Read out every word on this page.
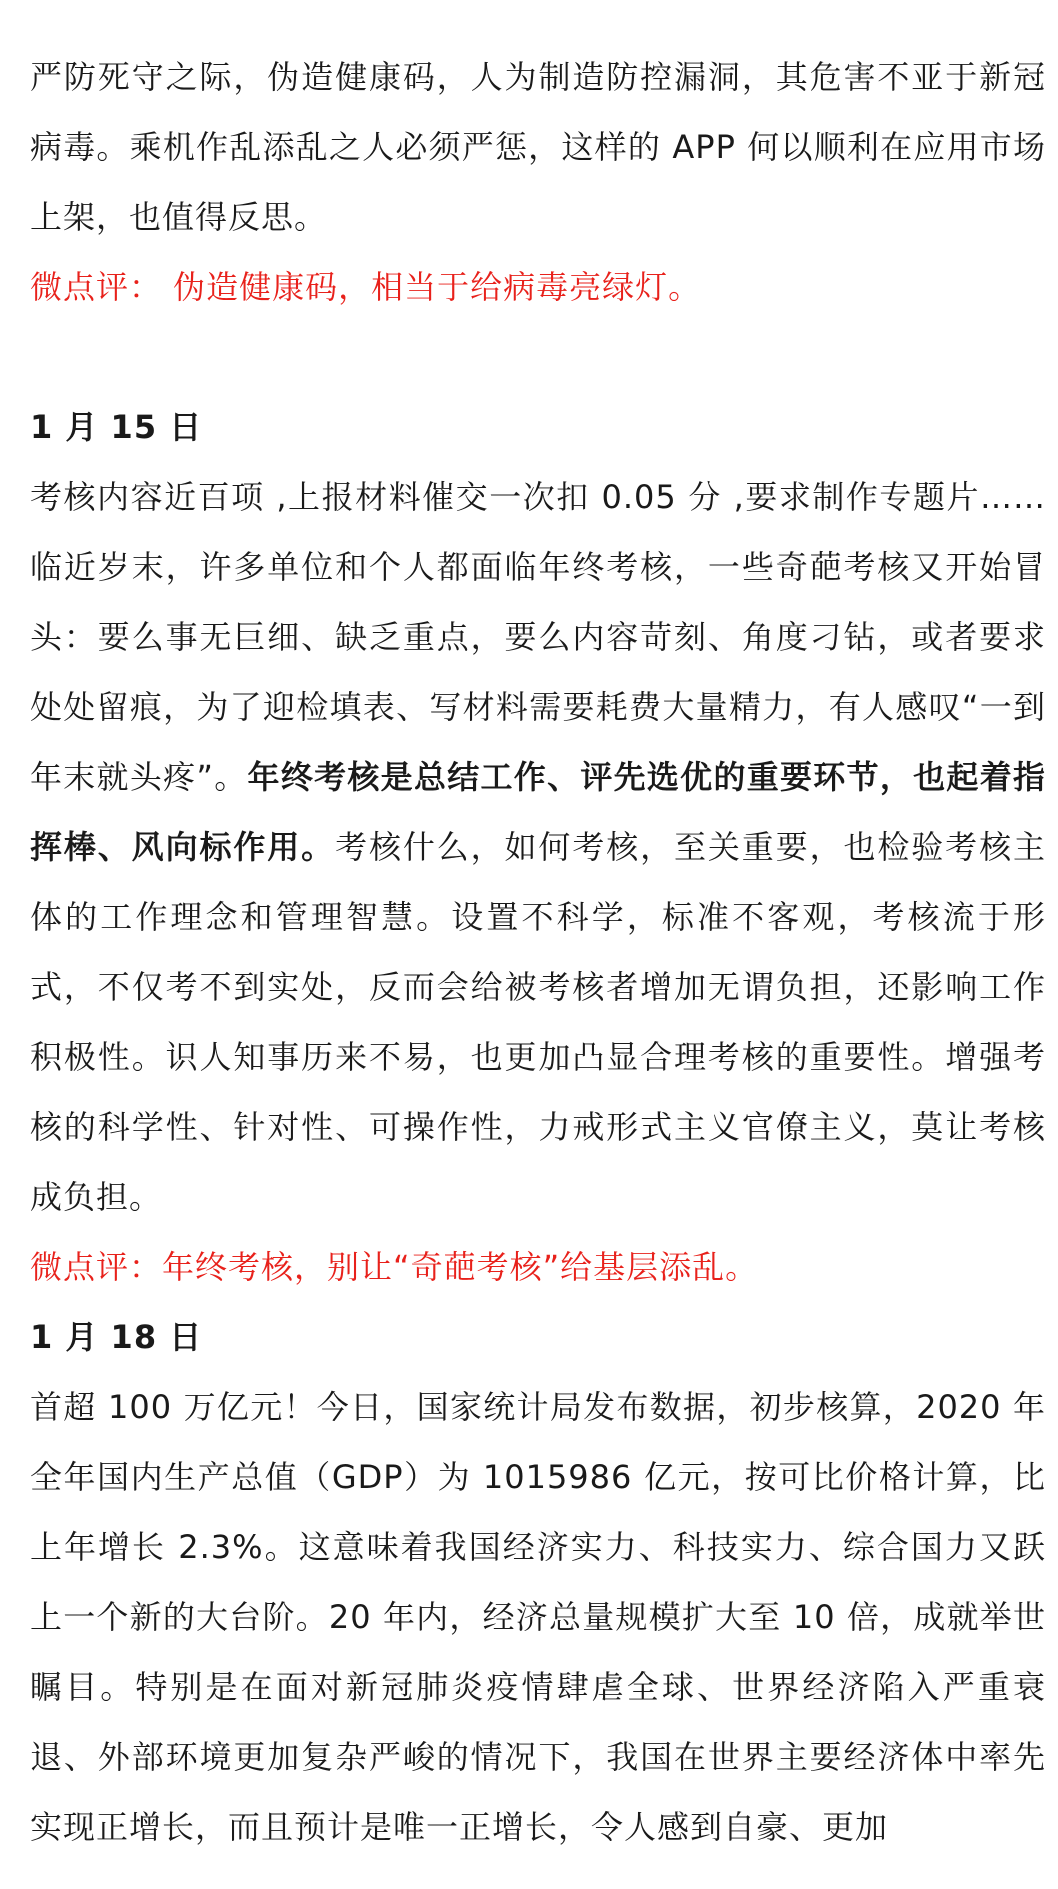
严防死守之际，伪造健康码，人为制造防控漏洞，其危害不亚于新冠病毒。乘机作乱添乱之人必须严惩，这样的 APP 何以顺利在应用市场上架，也值得反思。

微点评： 伪造健康码，相当于给病毒亮绿灯。

1 月 15 日

考核内容近百项 ,上报材料催交一次扣 0.05 分 ,要求制作专题片……临近岁末，许多单位和个人都面临年终考核，一些奇葩考核又开始冒头：要么事无巨细、缺乏重点，要么内容苛刻、角度刁钻，或者要求处处留痕，为了迎检填表、写材料需要耗费大量精力，有人感叹“一到年末就头疼”。年终考核是总结工作、评先选优的重要环节，也起着指挥棒、风向标作用。考核什么，如何考核，至关重要，也检验考核主体的工作理念和管理智慧。设置不科学，标准不客观，考核流于形式，不仅考不到实处，反而会给被考核者增加无谓负担，还影响工作积极性。识人知事历来不易，也更加凸显合理考核的重要性。增强考核的科学性、针对性、可操作性，力戒形式主义官僚主义，莫让考核成负担。

微点评：年终考核，别让“奇葩考核”给基层添乱。

1 月 18 日

首超 100 万亿元！今日，国家统计局发布数据，初步核算，2020 年全年国内生产总值（GDP）为 1015986 亿元，按可比价格计算，比上年增长 2.3%。这意味着我国经济实力、科技实力、综合国力又跃上一个新的大台阶。20 年内，经济总量规模扩大至 10 倍，成就举世瞩目。特别是在面对新冠肺炎疫情肆虐全球、世界经济陷入严重衰退、外部环境更加复杂严峻的情况下，我国在世界主要经济体中率先实现正增长，而且预计是唯一正增长，令人感到自豪、更加
